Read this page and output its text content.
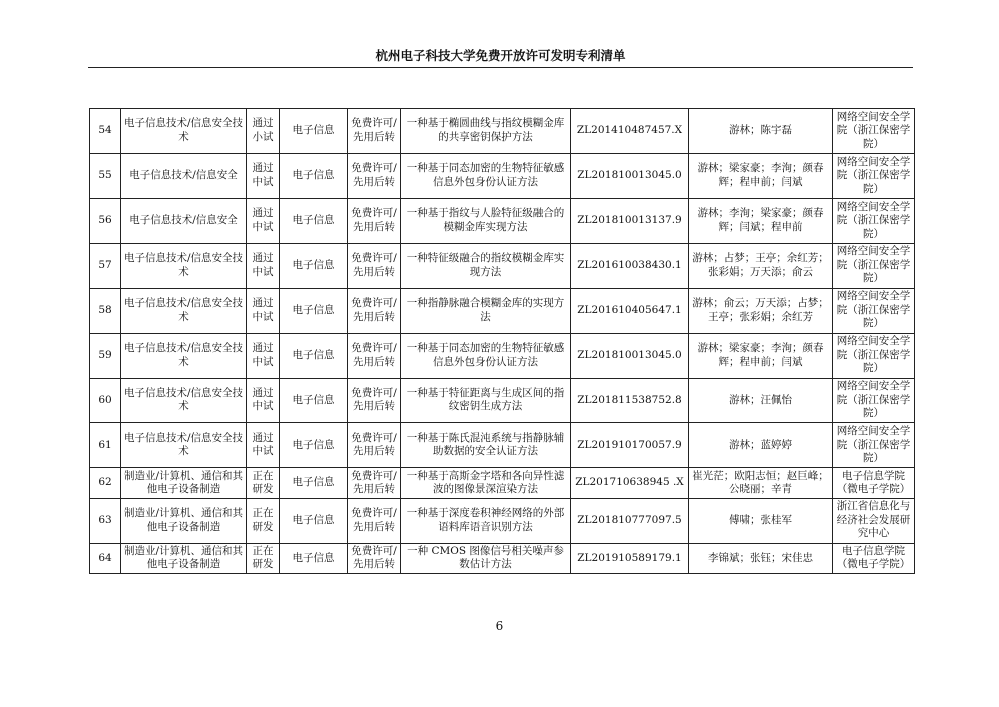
杭州电子科技大学免费开放许可发明专利清单
54	电子信息技术/信息安全技术	通过小试	电子信息	免费许可/先用后转	一种基于椭圆曲线与指纹模糊金库的共享密钥保护方法	ZL201410487457.X	游林；陈宇磊	网络空间安全学院（浙江保密学院）
55	电子信息技术/信息安全	通过中试	电子信息	免费许可/先用后转	一种基于同态加密的生物特征敏感信息外包身份认证方法	ZL201810013045.0	游林；梁家豪；李洵；颜春辉；程申前；闫斌	网络空间安全学院（浙江保密学院）
56	电子信息技术/信息安全	通过中试	电子信息	免费许可/先用后转	一种基于指纹与人脸特征级融合的模糊金库实现方法	ZL201810013137.9	游林；李洵；梁家豪；颜春辉；闫斌；程申前	网络空间安全学院（浙江保密学院）
57	电子信息技术/信息安全技术	通过中试	电子信息	免费许可/先用后转	一种特征级融合的指纹模糊金库实现方法	ZL201610038430.1	游林；占梦；王亭；余红芳；张彩娟；万天添；俞云	网络空间安全学院（浙江保密学院）
58	电子信息技术/信息安全技术	通过中试	电子信息	免费许可/先用后转	一种指静脉融合模糊金库的实现方法	ZL201610405647.1	游林；俞云；万天添；占梦；王亭；张彩娟；余红芳	网络空间安全学院（浙江保密学院）
59	电子信息技术/信息安全技术	通过中试	电子信息	免费许可/先用后转	一种基于同态加密的生物特征敏感信息外包身份认证方法	ZL201810013045.0	游林；梁家豪；李洵；颜春辉；程申前；闫斌	网络空间安全学院（浙江保密学院）
60	电子信息技术/信息安全技术	通过中试	电子信息	免费许可/先用后转	一种基于特征距离与生成区间的指纹密钥生成方法	ZL201811538752.8	游林；汪佩怡	网络空间安全学院（浙江保密学院）
61	电子信息技术/信息安全技术	通过中试	电子信息	免费许可/先用后转	一种基于陈氏混沌系统与指静脉辅助数据的安全认证方法	ZL201910170057.9	游林；蓝婷婷	网络空间安全学院（浙江保密学院）
62	制造业/计算机、通信和其他电子设备制造	正在研发	电子信息	免费许可/先用后转	一种基于高斯金字塔和各向异性滤波的图像景深渲染方法	ZL201710638945 .X	崔光茫；欧阳志恒；赵巨峰；公晓丽；辛青	电子信息学院（微电子学院）
63	制造业/计算机、通信和其他电子设备制造	正在研发	电子信息	免费许可/先用后转	一种基于深度卷积神经网络的外部语料库语音识别方法	ZL201810777097.5	傅啸；张桂军	浙江省信息化与经济社会发展研究中心
64	制造业/计算机、通信和其他电子设备制造	正在研发	电子信息	免费许可/先用后转	一种 CMOS 图像信号相关噪声参数估计方法	ZL201910589179.1	李锦斌；张钰；宋佳忠	电子信息学院（微电子学院）
6
